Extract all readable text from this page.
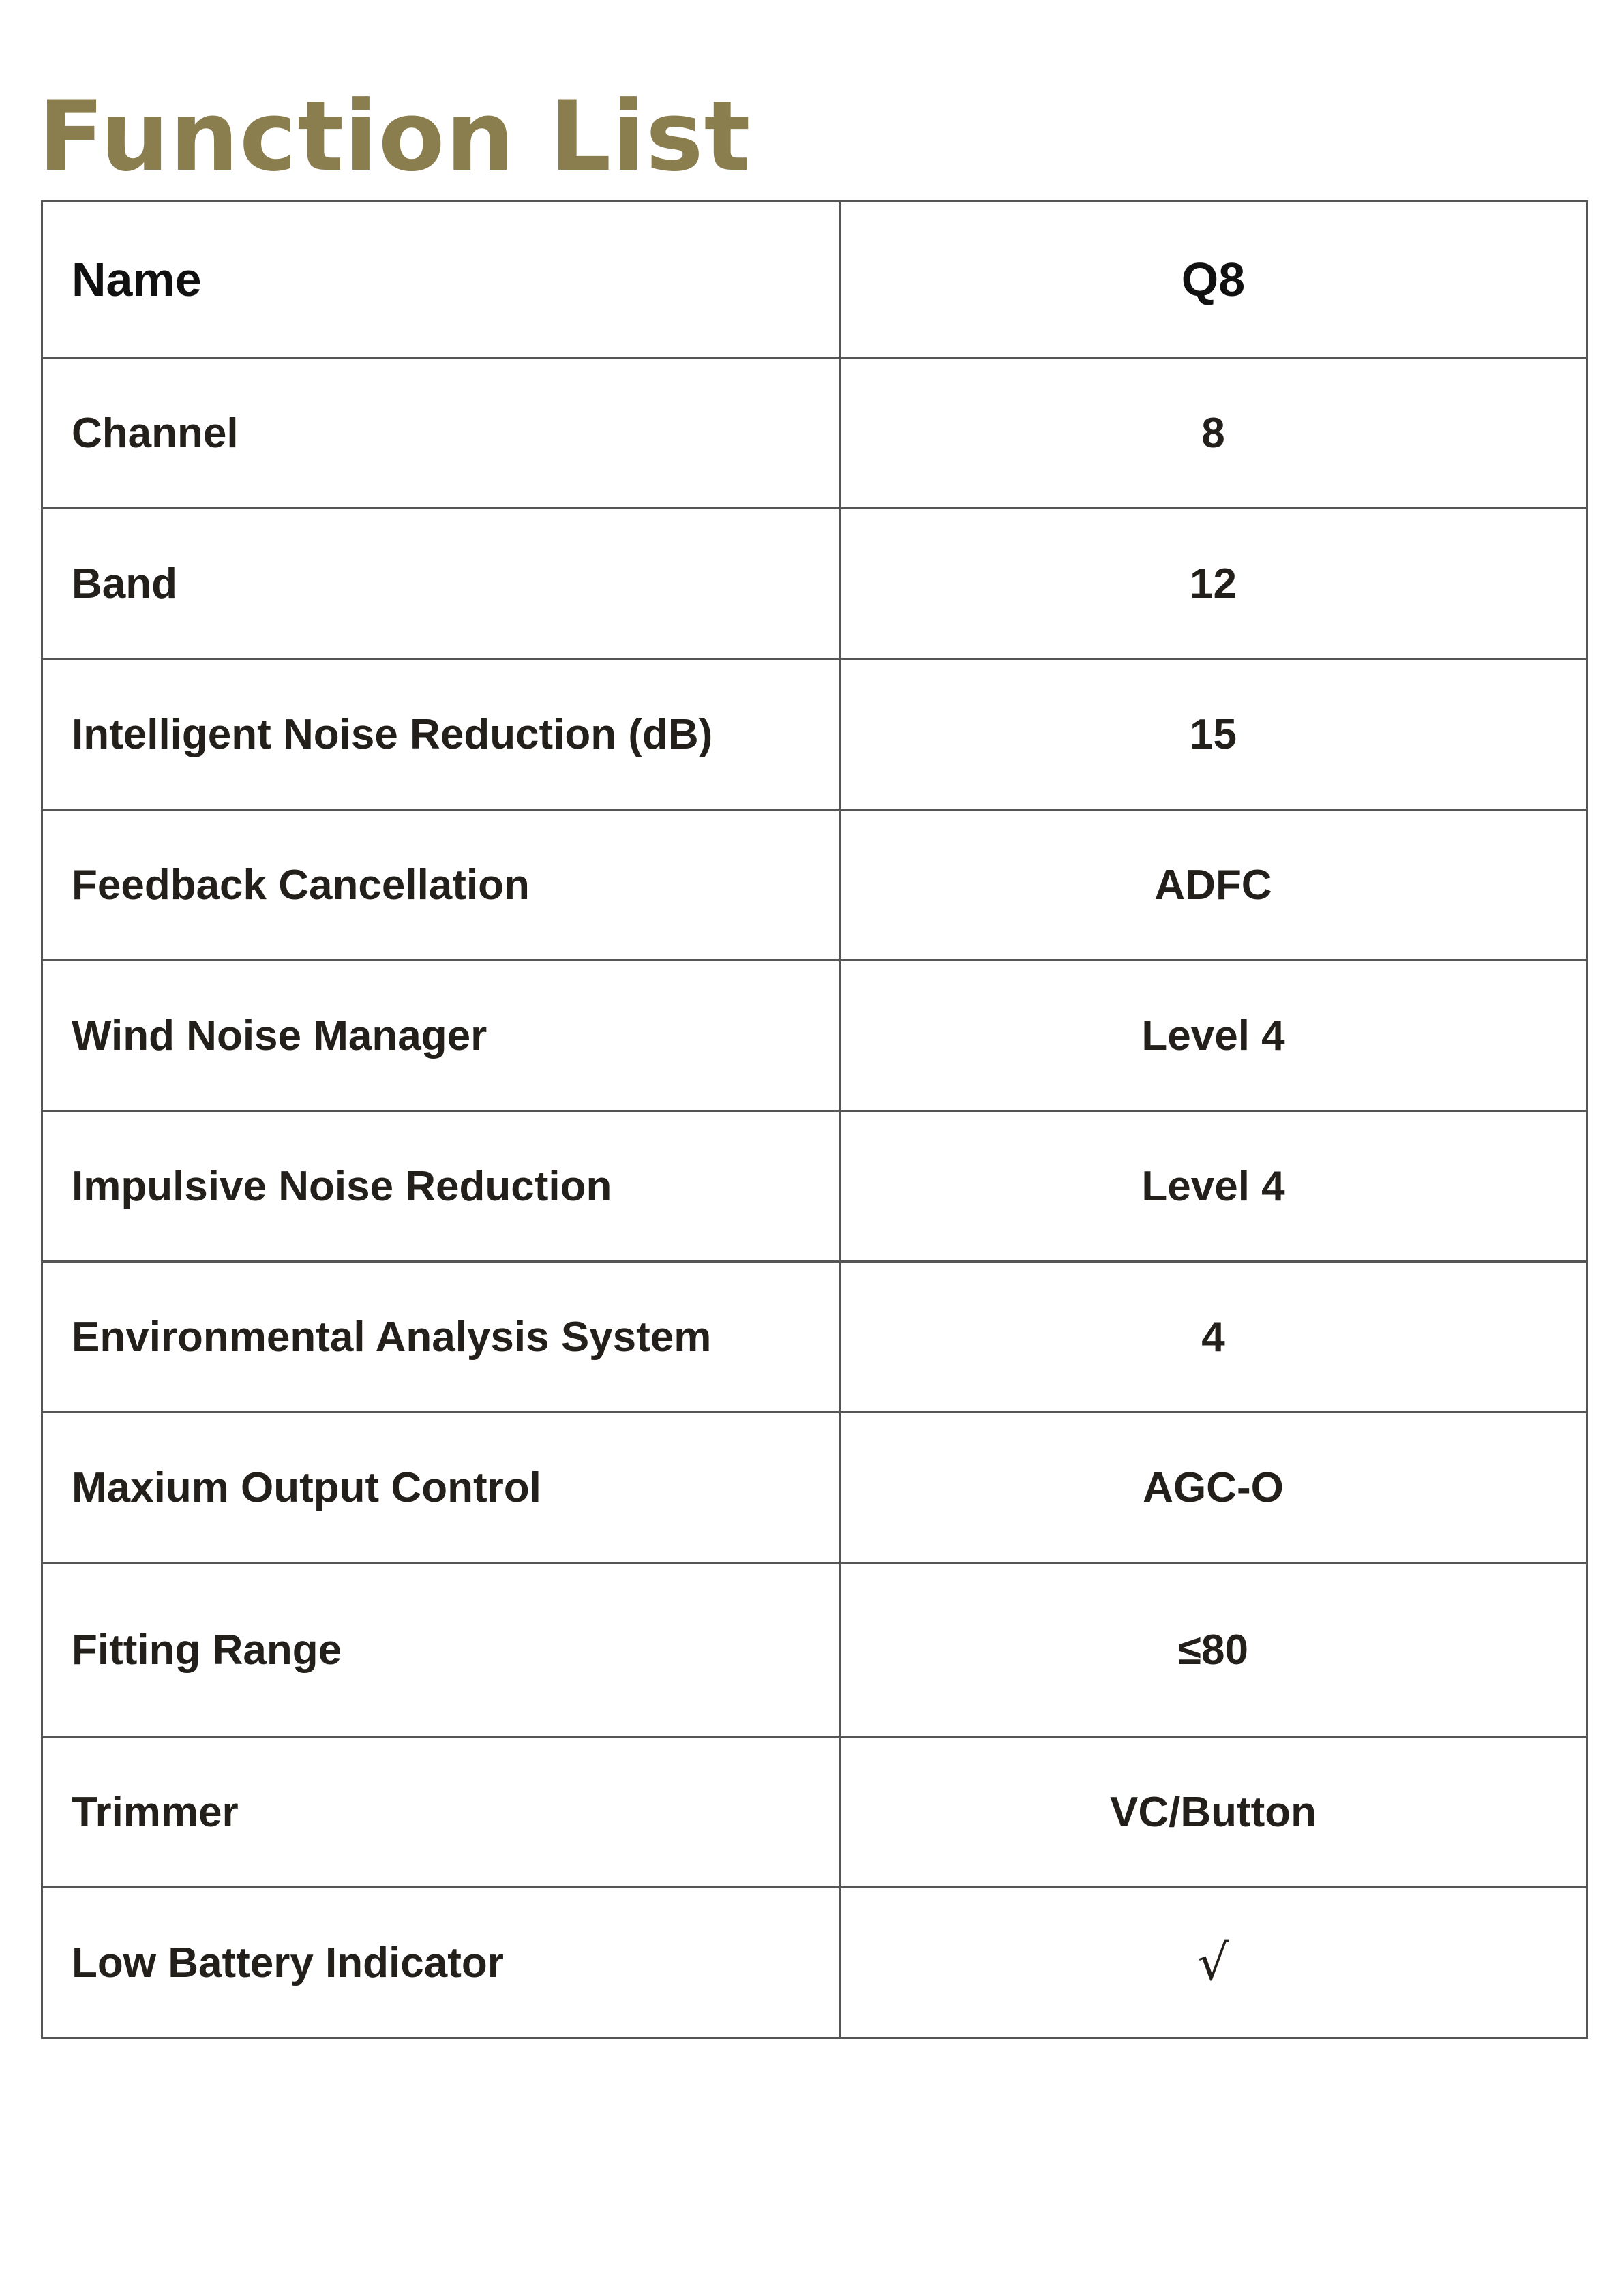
Function List
Name	Q8
Channel	8
Band	12
Intelligent Noise Reduction (dB)	15
Feedback Cancellation	ADFC
Wind Noise Manager	Level 4
Impulsive Noise Reduction	Level 4
Environmental Analysis System	4
Maxium Output Control	AGC-O
Fitting Range	≤80
Trimmer	VC/Button
Low Battery Indicator	√
